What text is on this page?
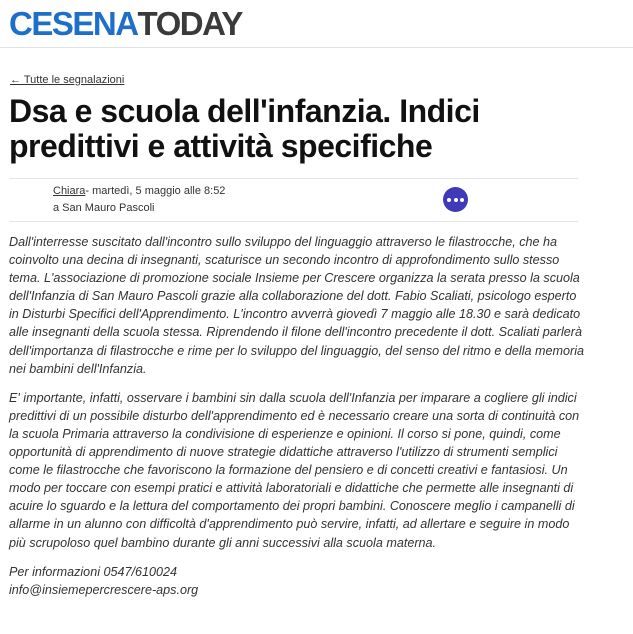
CESENA TODAY
← Tutte le segnalazioni
Dsa e scuola dell'infanzia. Indici predittivi e attività specifiche
Chiara- martedì, 5 maggio alle 8:52
a San Mauro Pascoli

Dall'interresse suscitato dall'incontro sullo sviluppo del linguaggio attraverso le filastrocche, che ha coinvolto una decina di insegnanti, scaturisce un secondo incontro di approfondimento sullo stesso tema. L'associazione di promozione sociale Insieme per Crescere organizza la serata presso la scuola dell'Infanzia di San Mauro Pascoli grazie alla collaborazione del dott. Fabio Scaliati, psicologo esperto in Disturbi Specifici dell'Apprendimento. L'incontro avverrà giovedì 7 maggio alle 18.30 e sarà dedicato alle insegnanti della scuola stessa. Riprendendo il filone dell'incontro precedente il dott. Scaliati parlerà dell'importanza di filastrocche e rime per lo sviluppo del linguaggio, del senso del ritmo e della memoria nei bambini dell'Infanzia.

E' importante, infatti, osservare i bambini sin dalla scuola dell'Infanzia per imparare a cogliere gli indici predittivi di un possibile disturbo dell'apprendimento ed è necessario creare una sorta di continuità con la scuola Primaria attraverso la condivisione di esperienze e opinioni. Il corso si pone, quindi, come opportunità di apprendimento di nuove strategie didattiche attraverso l'utilizzo di strumenti semplici come le filastrocche che favoriscono la formazione del pensiero e di concetti creativi e fantasiosi. Un modo per toccare con esempi pratici e attività laboratoriali e didattiche che permette alle insegnanti di acuire lo sguardo e la lettura del comportamento dei propri bambini. Conoscere meglio i campanelli di allarme in un alunno con difficoltà d'apprendimento può servire, infatti, ad allertare e seguire in modo più scrupoloso quel bambino durante gli anni successivi alla scuola materna.

Per informazioni 0547/610024
info@insiemepercrescere-aps.org
